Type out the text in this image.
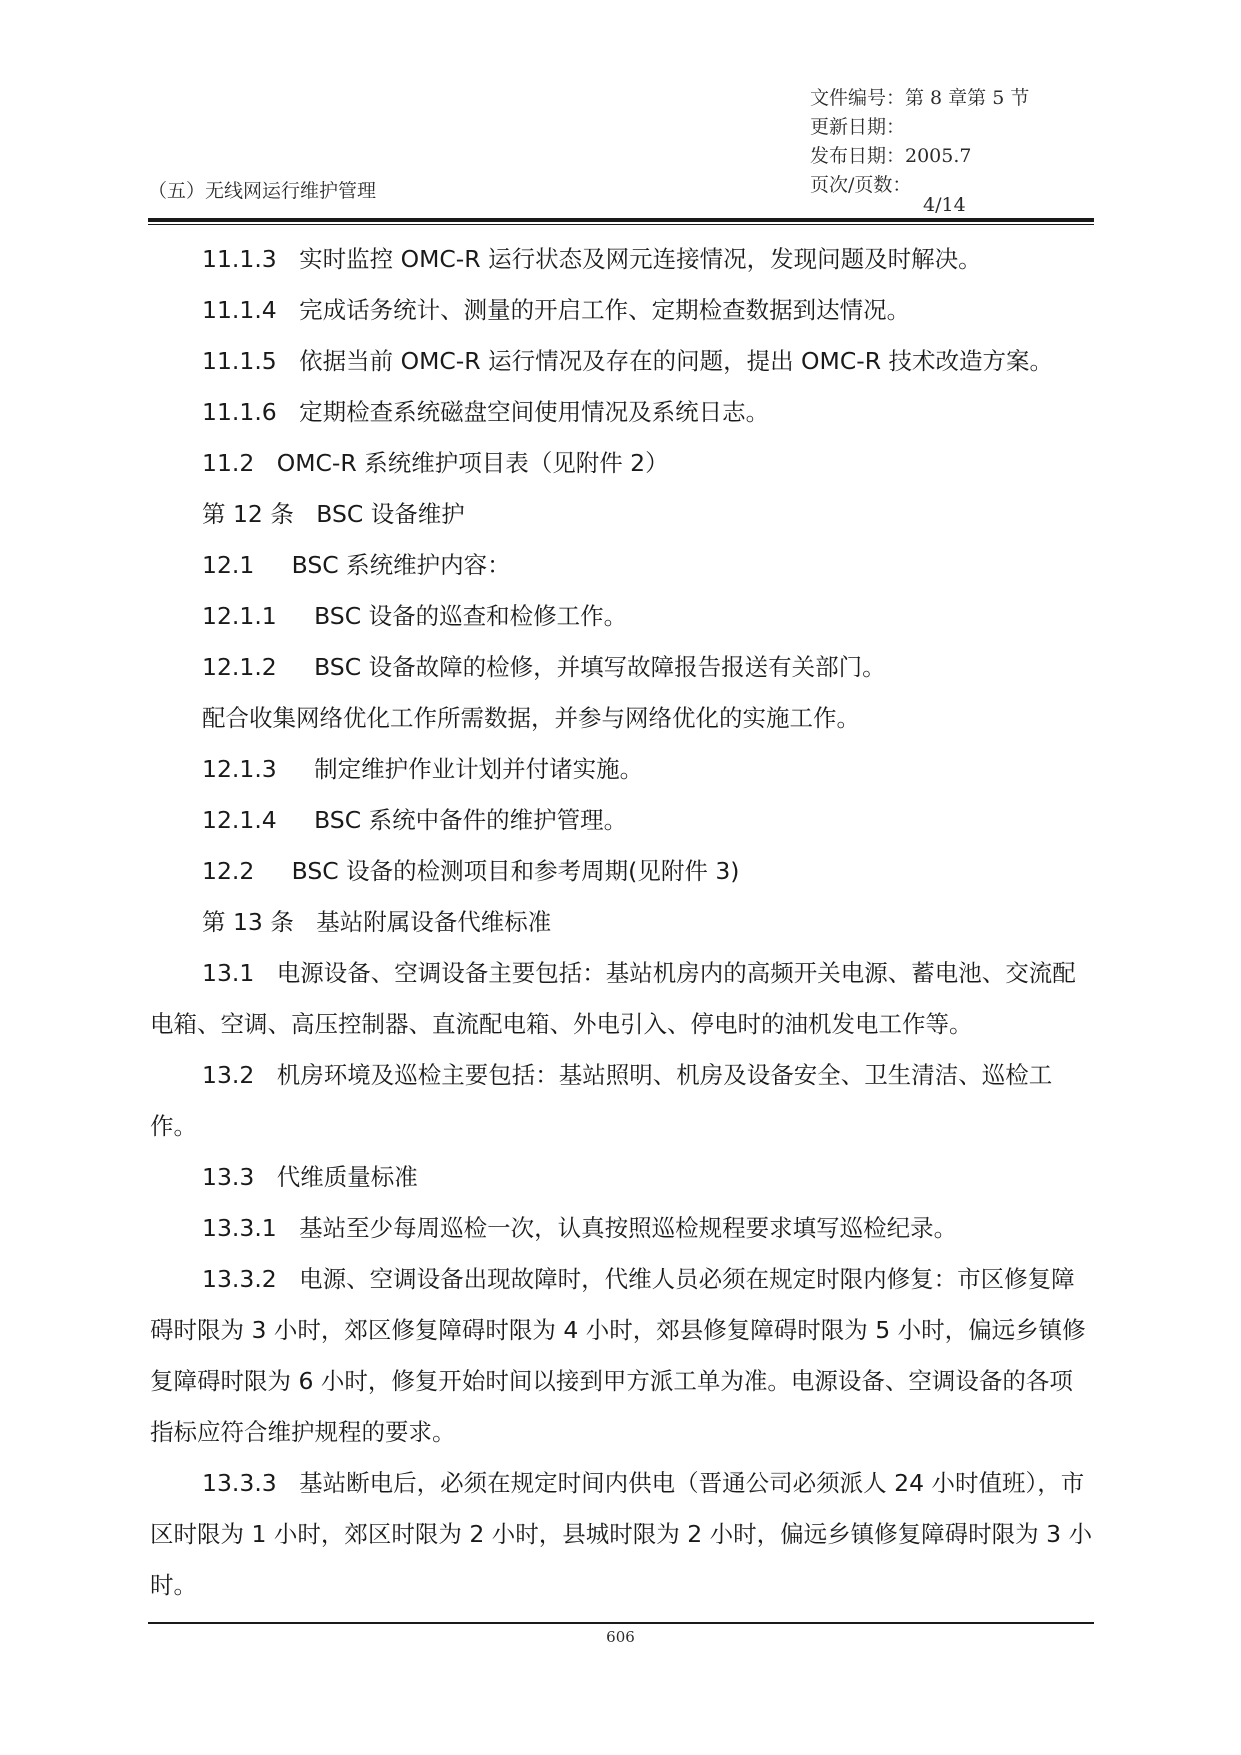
（五）无线网运行维护管理
文件编号：第 8 章第 5 节
更新日期：
发布日期：2005.7
页次/页数：
4/14

11.1.3   实时监控 OMC-R 运行状态及网元连接情况，发现问题及时解决。

11.1.4   完成话务统计、测量的开启工作、定期检查数据到达情况。

11.1.5   依据当前 OMC-R 运行情况及存在的问题，提出 OMC-R 技术改造方案。

11.1.6   定期检查系统磁盘空间使用情况及系统日志。

11.2   OMC-R 系统维护项目表（见附件 2）

第 12 条   BSC 设备维护

12.1     BSC 系统维护内容：

12.1.1     BSC 设备的巡查和检修工作。

12.1.2     BSC 设备故障的检修，并填写故障报告报送有关部门。

配合收集网络优化工作所需数据，并参与网络优化的实施工作。

12.1.3     制定维护作业计划并付诸实施。

12.1.4     BSC 系统中备件的维护管理。

12.2     BSC 设备的检测项目和参考周期(见附件 3)

第 13 条   基站附属设备代维标准

13.1   电源设备、空调设备主要包括：基站机房内的高频开关电源、蓄电池、交流配电箱、空调、高压控制器、直流配电箱、外电引入、停电时的油机发电工作等。

13.2   机房环境及巡检主要包括：基站照明、机房及设备安全、卫生清洁、巡检工作。

13.3   代维质量标准

13.3.1   基站至少每周巡检一次，认真按照巡检规程要求填写巡检纪录。

13.3.2   电源、空调设备出现故障时，代维人员必须在规定时限内修复：市区修复障碍时限为 3 小时，郊区修复障碍时限为 4 小时，郊县修复障碍时限为 5 小时，偏远乡镇修复障碍时限为 6 小时，修复开始时间以接到甲方派工单为准。电源设备、空调设备的各项指标应符合维护规程的要求。

13.3.3   基站断电后，必须在规定时间内供电（晋通公司必须派人 24 小时值班），市区时限为 1 小时，郊区时限为 2 小时，县城时限为 2 小时，偏远乡镇修复障碍时限为 3 小时。

606
